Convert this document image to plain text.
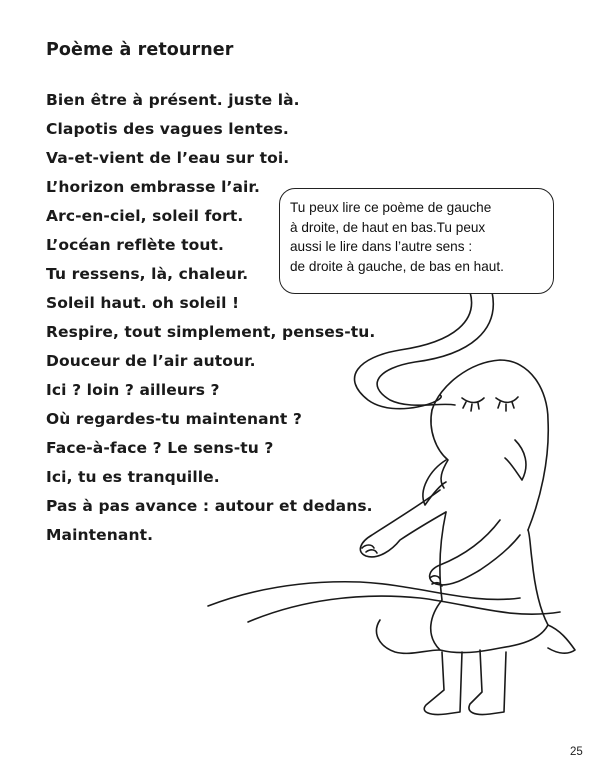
Poème à retourner
Bien être à présent. juste là.
Clapotis des vagues lentes.
Va-et-vient de l’eau sur toi.
L’horizon embrasse l’air.
Arc-en-ciel, soleil fort.
L’océan reflète tout.
Tu ressens, là, chaleur.
Soleil haut. oh soleil !
Respire, tout simplement, penses-tu.
Douceur de l’air autour.
Ici ? loin ? ailleurs ?
Où regardes-tu maintenant ?
Face-à-face ? Le sens-tu ?
Ici, tu es tranquille.
Pas à pas avance : autour et dedans.
Maintenant.

Tu peux lire ce poème de gauche
à droite, de haut en bas.Tu peux
aussi le lire dans l’autre sens :
de droite à gauche, de bas en haut.

25
